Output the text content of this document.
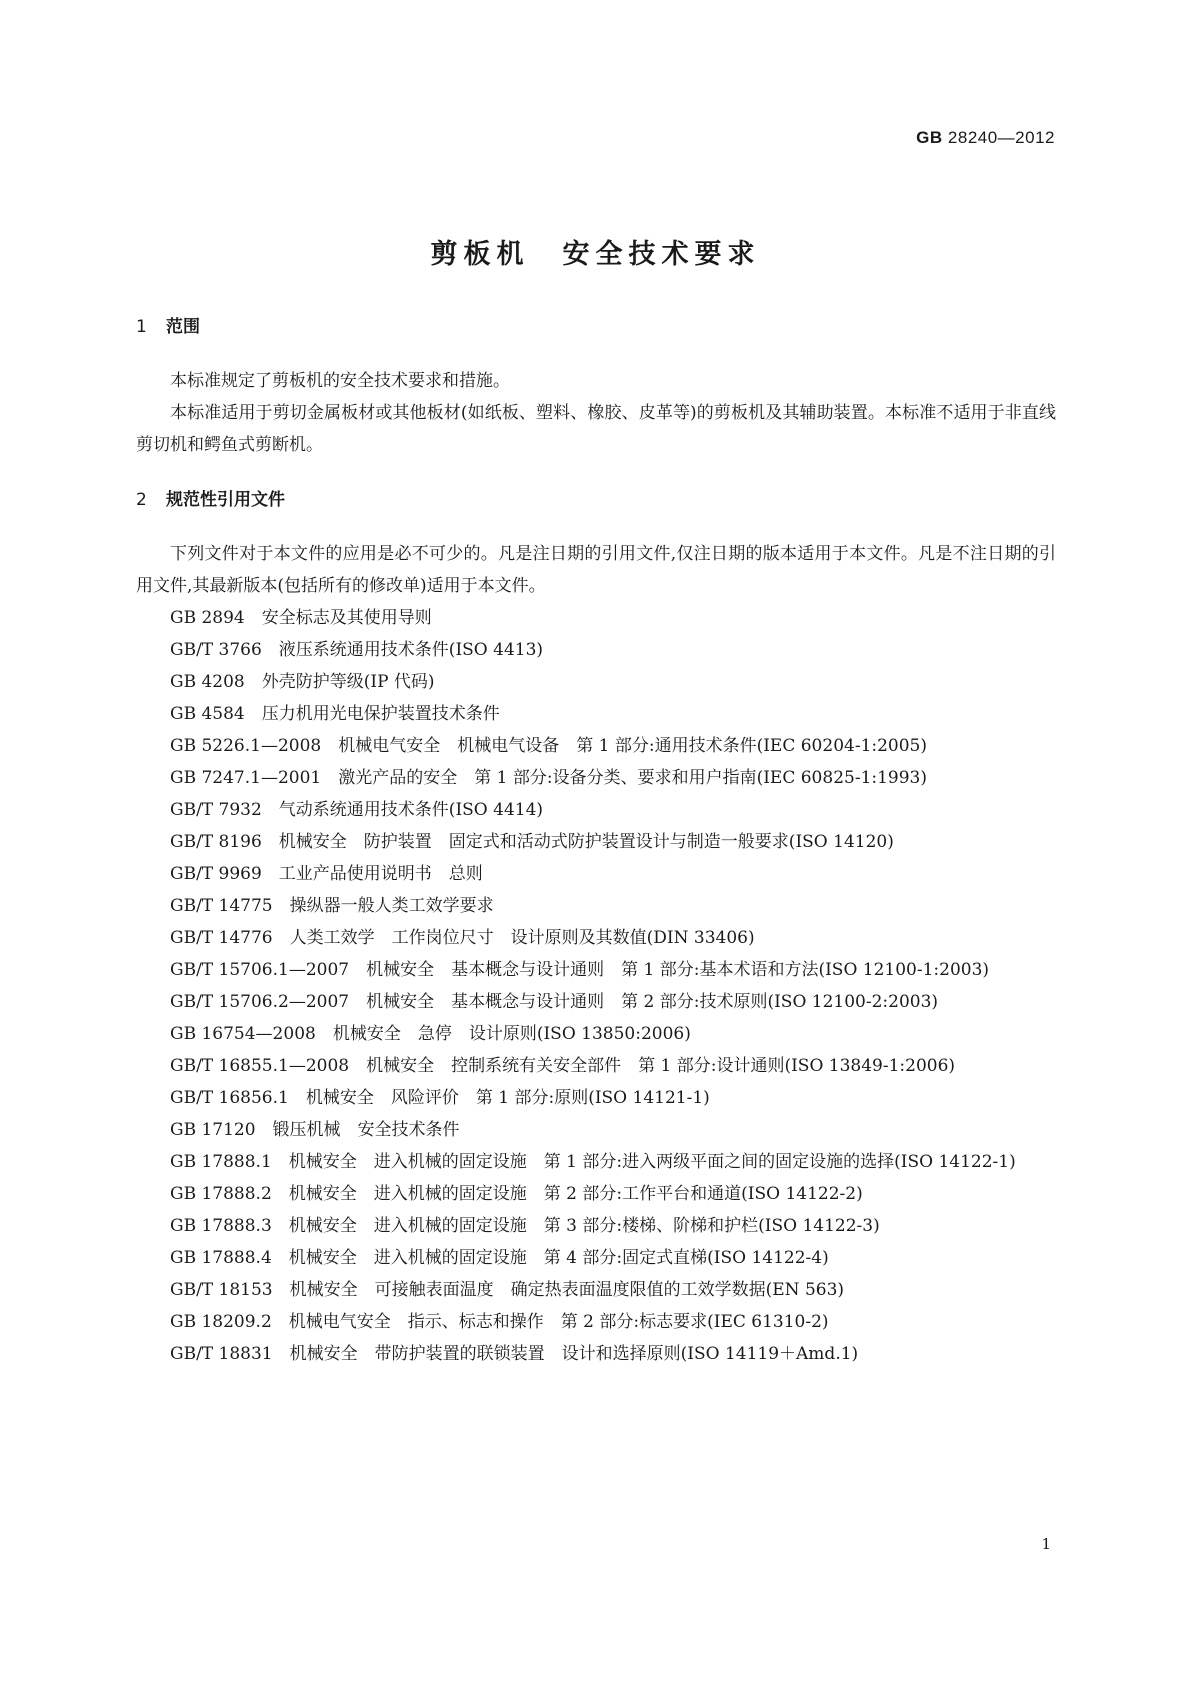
GB 28240—2012
剪板机　安全技术要求
1 范围

本标准规定了剪板机的安全技术要求和措施。

本标准适用于剪切金属板材或其他板材(如纸板、塑料、橡胶、皮革等)的剪板机及其辅助装置。本标准不适用于非直线剪切机和鳄鱼式剪断机。

2 规范性引用文件

下列文件对于本文件的应用是必不可少的。凡是注日期的引用文件,仅注日期的版本适用于本文件。凡是不注日期的引用文件,其最新版本(包括所有的修改单)适用于本文件。

GB 2894　安全标志及其使用导则
GB/T 3766　液压系统通用技术条件(ISO 4413)
GB 4208　外壳防护等级(IP 代码)
GB 4584　压力机用光电保护装置技术条件
GB 5226.1—2008　机械电气安全　机械电气设备　第 1 部分:通用技术条件(IEC 60204-1:2005)
GB 7247.1—2001　激光产品的安全　第 1 部分:设备分类、要求和用户指南(IEC 60825-1:1993)
GB/T 7932　气动系统通用技术条件(ISO 4414)
GB/T 8196　机械安全　防护装置　固定式和活动式防护装置设计与制造一般要求(ISO 14120)
GB/T 9969　工业产品使用说明书　总则
GB/T 14775　操纵器一般人类工效学要求
GB/T 14776　人类工效学　工作岗位尺寸　设计原则及其数值(DIN 33406)
GB/T 15706.1—2007　机械安全　基本概念与设计通则　第 1 部分:基本术语和方法(ISO 12100-1:2003)
GB/T 15706.2—2007　机械安全　基本概念与设计通则　第 2 部分:技术原则(ISO 12100-2:2003)
GB 16754—2008　机械安全　急停　设计原则(ISO 13850:2006)
GB/T 16855.1—2008　机械安全　控制系统有关安全部件　第 1 部分:设计通则(ISO 13849-1:2006)
GB/T 16856.1　机械安全　风险评价　第 1 部分:原则(ISO 14121-1)
GB 17120　锻压机械　安全技术条件
GB 17888.1　机械安全　进入机械的固定设施　第 1 部分:进入两级平面之间的固定设施的选择(ISO 14122-1)
GB 17888.2　机械安全　进入机械的固定设施　第 2 部分:工作平台和通道(ISO 14122-2)
GB 17888.3　机械安全　进入机械的固定设施　第 3 部分:楼梯、阶梯和护栏(ISO 14122-3)
GB 17888.4　机械安全　进入机械的固定设施　第 4 部分:固定式直梯(ISO 14122-4)
GB/T 18153　机械安全　可接触表面温度　确定热表面温度限值的工效学数据(EN 563)
GB 18209.2　机械电气安全　指示、标志和操作　第 2 部分:标志要求(IEC 61310-2)
GB/T 18831　机械安全　带防护装置的联锁装置　设计和选择原则(ISO 14119＋Amd.1)
1
